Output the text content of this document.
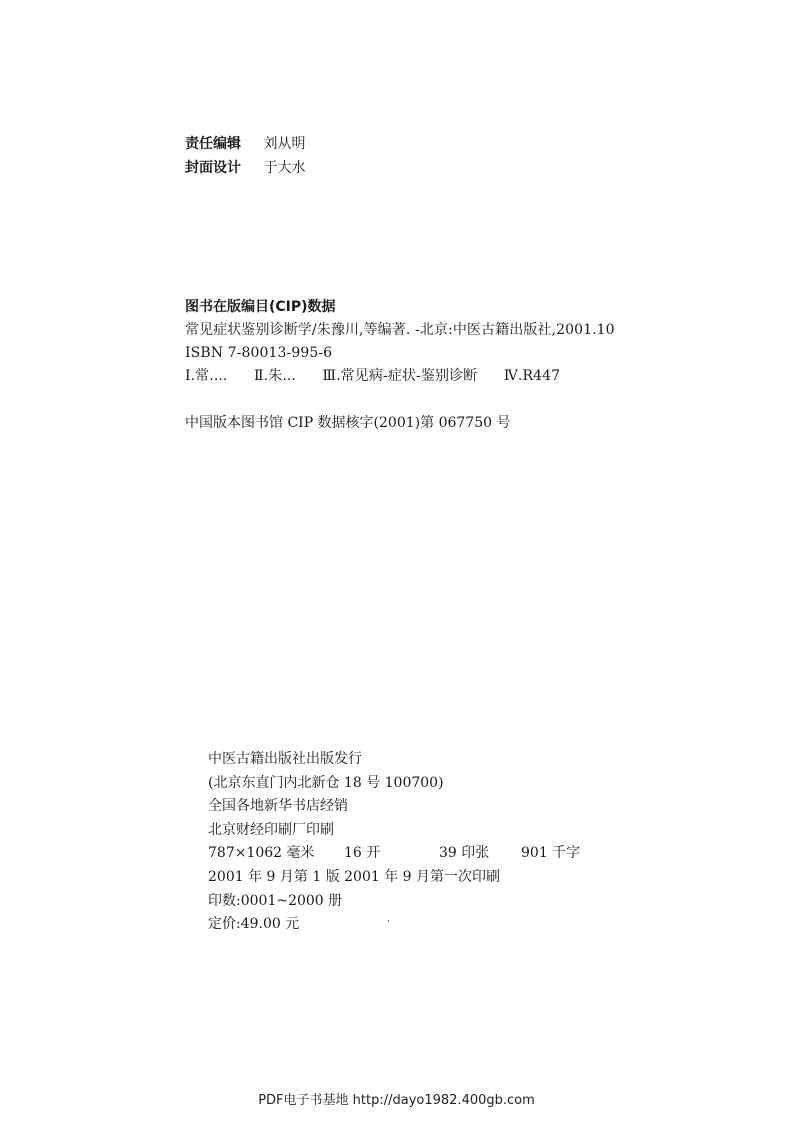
责任编辑 刘从明
封面设计 于大水
图书在版编目(CIP)数据
常见症状鉴别诊断学/朱豫川,等编著. -北京:中医古籍出版社,2001.10
ISBN 7-80013-995-6
Ⅰ.常.... Ⅱ.朱... Ⅲ.常见病-症状-鉴别诊断 Ⅳ.R447
中国版本图书馆 CIP 数据核字(2001)第 067750 号
中医古籍出版社出版发行
(北京东直门内北新仓 18 号 100700)
全国各地新华书店经销
北京财经印刷厂印刷
787×1062 毫米 16 开	39 印张 901 千字
2001 年 9 月第 1 版 2001 年 9 月第一次印刷
印数:0001~2000 册
定价:49.00 元
PDF电子书基地 http://dayo1982.400gb.com
